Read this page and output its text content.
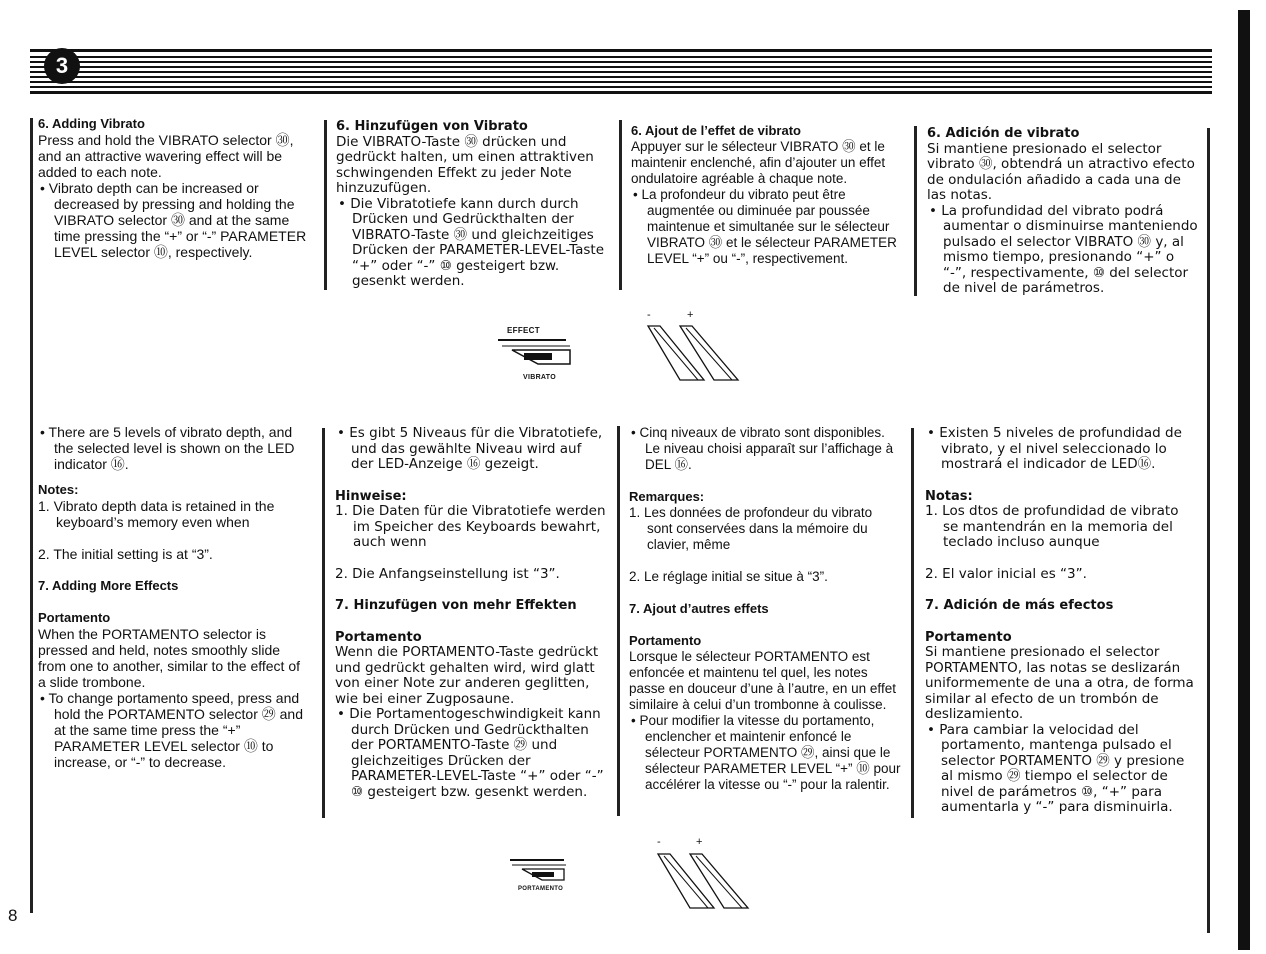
3

6. Adding Vibrato

Press and hold the VIBRATO selector ㉚, and an attractive wavering effect will be added to each note.

• Vibrato depth can be increased or decreased by pressing and holding the VIBRATO selector ㉚ and at the same time pressing the “+” or “-” PARAMETER LEVEL selector ⑩, respectively.

6. Hinzufügen von Vibrato

Die VIBRATO-Taste ㉚ drücken und gedrückt halten, um einen attraktiven schwingenden Effekt zu jeder Note hinzuzufügen.

• Die Vibratotiefe kann durch durch Drücken und Gedrückthalten der VIBRATO-Taste ㉚ und gleichzeitiges Drücken der PARAMETER-LEVEL-Taste “+” oder “-” ⑩ gesteigert bzw. gesenkt werden.

6. Ajout de l’effet de vibrato

Appuyer sur le sélecteur VIBRATO ㉚ et le maintenir enclenché, afin d’ajouter un effet ondulatoire agréable à chaque note.

• La profondeur du vibrato peut être augmentée ou diminuée par poussée maintenue et simultanée sur le sélecteur VIBRATO ㉚ et le sélecteur PARAMETER LEVEL “+” ou “-”, respectivement.

6. Adición de vibrato

Si mantiene presionado el selector vibrato ㉚, obtendrá un atractivo efecto de ondulación añadido a cada una de las notas.

• La profundidad del vibrato podrá aumentar o disminuirse manteniendo pulsado el selector VIBRATO ㉚ y, al mismo tiempo, presionando “+” o “-”, respectivamente, ⑩ del selector de nivel de parámetros.

EFFECT
VIBRATO
-	+

• There are 5 levels of vibrato depth, and the selected level is shown on the LED indicator ⑯.

Notes:

1. Vibrato depth data is retained in the keyboard’s memory even when

2. The initial setting is at “3”.

7. Adding More Effects

Portamento

When the PORTAMENTO selector is pressed and held, notes smoothly slide from one to another, similar to the effect of a slide trombone.

• To change portamento speed, press and hold the PORTAMENTO selector ㉙ and at the same time press the “+” PARAMETER LEVEL selector ⑩ to increase, or “-” to decrease.

• Es gibt 5 Niveaus für die Vibratotiefe, und das gewählte Niveau wird auf der LED-Anzeige ⑯ gezeigt.

Hinweise:

1. Die Daten für die Vibratotiefe werden im Speicher des Keyboards bewahrt, auch wenn

2. Die Anfangseinstellung ist “3”.

7. Hinzufügen von mehr Effekten

Portamento

Wenn die PORTAMENTO-Taste gedrückt und gedrückt gehalten wird, wird glatt von einer Note zur anderen geglitten, wie bei einer Zugposaune.

• Die Portamentogeschwindigkeit kann durch Drücken und Gedrückthalten der PORTAMENTO-Taste ㉙ und gleichzeitiges Drücken der PARAMETER-LEVEL-Taste “+” oder “-” ⑩ gesteigert bzw. gesenkt werden.

• Cinq niveaux de vibrato sont disponibles. Le niveau choisi apparaît sur l’affichage à DEL ⑯.

Remarques:

1. Les données de profondeur du vibrato sont conservées dans la mémoire du clavier, même

2. Le réglage initial se situe à “3”.

7. Ajout d’autres effets

Portamento

Lorsque le sélecteur PORTAMENTO est enfoncée et maintenu tel quel, les notes passe en douceur d’une à l’autre, en un effet similaire à celui d’un trombonne à coulisse.

• Pour modifier la vitesse du portamento, enclencher et maintenir enfoncé le sélecteur PORTAMENTO ㉙, ainsi que le sélecteur PARAMETER LEVEL “+” ⑩ pour accélérer la vitesse ou “-” pour la ralentir.

• Existen 5 niveles de profundidad de vibrato, y el nivel seleccionado lo mostrará el indicador de LED⑯.

Notas:

1. Los dtos de profundidad de vibrato se mantendrán en la memoria del teclado incluso aunque

2. El valor inicial es “3”.

7. Adición de más efectos

Portamento

Si mantiene presionado el selector PORTAMENTO, las notas se deslizarán uniformemente de una a otra, de forma similar al efecto de un trombón de deslizamiento.

• Para cambiar la velocidad del portamento, mantenga pulsado el selector PORTAMENTO ㉙ y presione al mismo ㉙ tiempo el selector de nivel de parámetros ⑩, “+” para aumentarla y “-” para disminuirla.

PORTAMENTO
-	+
8
